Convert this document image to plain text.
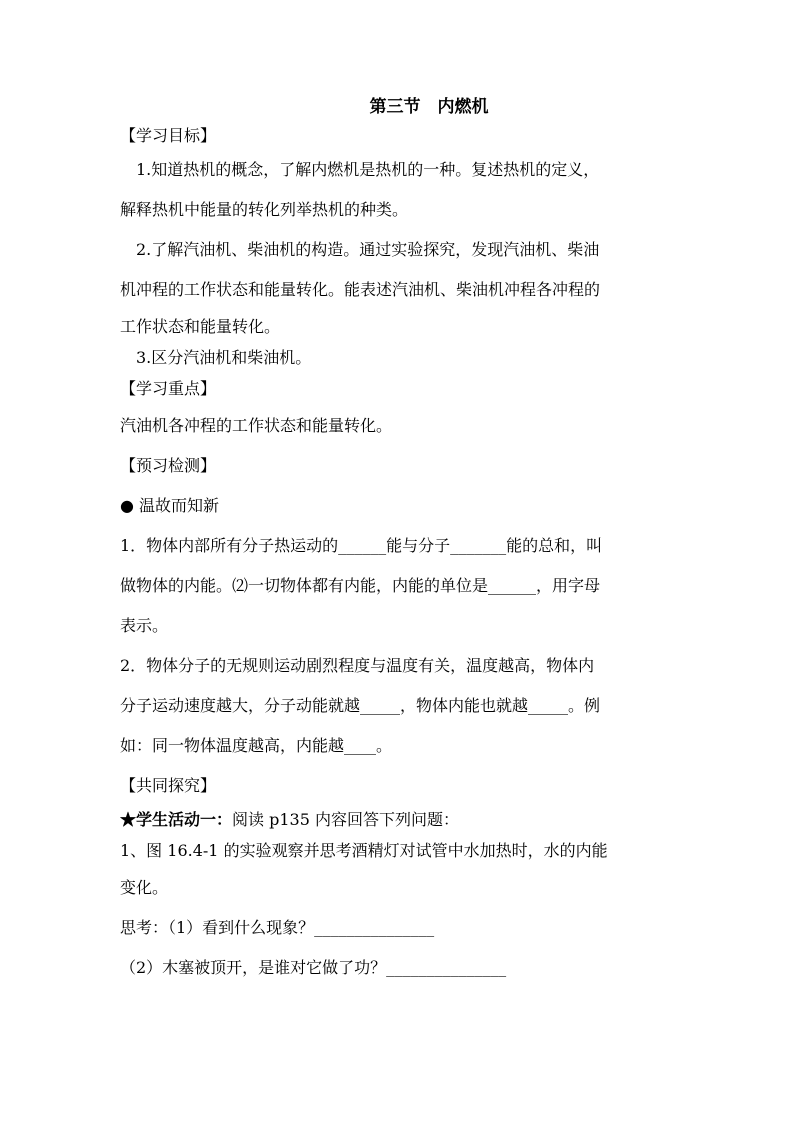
第三节　内燃机
【学习目标】
1.知道热机的概念，了解内燃机是热机的一种。复述热机的定义，
解释热机中能量的转化列举热机的种类。
2.了解汽油机、柴油机的构造。通过实验探究，发现汽油机、柴油
机冲程的工作状态和能量转化。能表述汽油机、柴油机冲程各冲程的
工作状态和能量转化。
3.区分汽油机和柴油机。
【学习重点】
汽油机各冲程的工作状态和能量转化。
【预习检测】
● 温故而知新
1．物体内部所有分子热运动的______能与分子_______能的总和，叫
做物体的内能。⑵一切物体都有内能，内能的单位是______，用字母
表示。
2．物体分子的无规则运动剧烈程度与温度有关，温度越高，物体内
分子运动速度越大，分子动能就越_____，物体内能也就越_____。例
如：同一物体温度越高，内能越____。
【共同探究】
★学生活动一：阅读 p135 内容回答下列问题：
1、图 16.4-1 的实验观察并思考酒精灯对试管中水加热时，水的内能
变化。
思考：（1）看到什么现象？_______________
（2）木塞被顶开，是谁对它做了功？_______________
